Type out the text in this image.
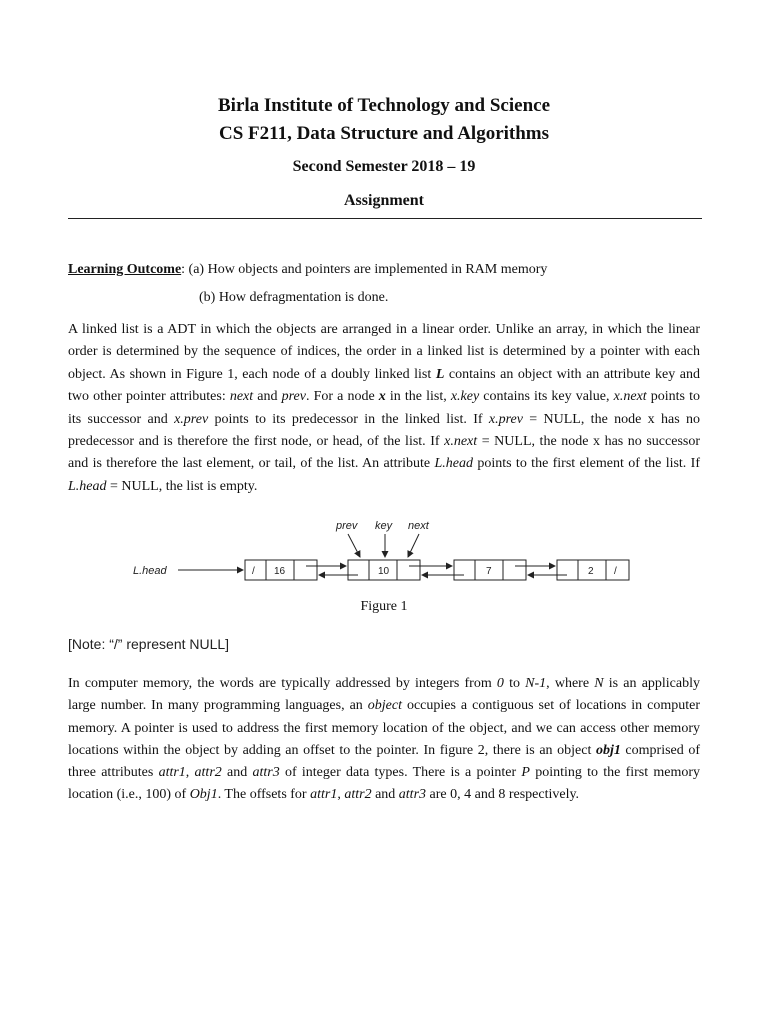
Birla Institute of Technology and Science
CS F211, Data Structure and Algorithms
Second Semester 2018 – 19
Assignment
Learning Outcome: (a) How objects and pointers are implemented in RAM memory
(b) How defragmentation is done.
A linked list is a ADT in which the objects are arranged in a linear order. Unlike an array, in which the linear order is determined by the sequence of indices, the order in a linked list is determined by a pointer with each object. As shown in Figure 1, each node of a doubly linked list L contains an object with an attribute key and two other pointer attributes: next and prev. For a node x in the list, x.key contains its key value, x.next points to its successor and x.prev points to its predecessor in the linked list. If x.prev = NULL, the node x has no predecessor and is therefore the first node, or head, of the list. If x.next = NULL, the node x has no successor and is therefore the last element, or tail, of the list. An attribute L.head points to the first element of the list. If L.head = NULL, the list is empty.
prev key next
L.head	/ 16	10	7	2 /
Figure 1
[Note: “/” represent NULL]
In computer memory, the words are typically addressed by integers from 0 to N-1, where N is an applicably large number. In many programming languages, an object occupies a contiguous set of locations in computer memory. A pointer is used to address the first memory location of the object, and we can access other memory locations within the object by adding an offset to the pointer. In figure 2, there is an object obj1 comprised of three attributes attr1, attr2 and attr3 of integer data types. There is a pointer P pointing to the first memory location (i.e., 100) of Obj1. The offsets for attr1, attr2 and attr3 are 0, 4 and 8 respectively.
